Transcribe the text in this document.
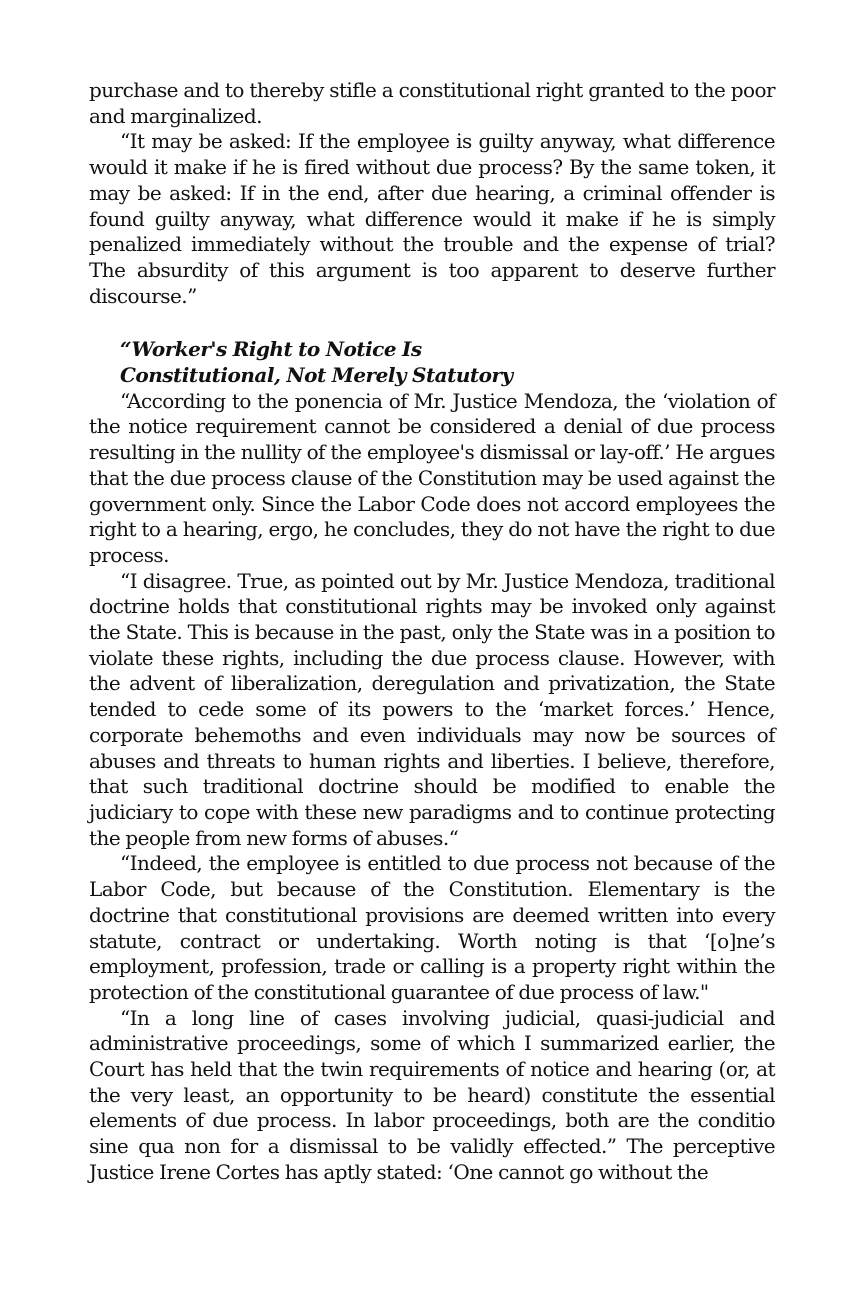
purchase and to thereby stifle a constitutional right granted to the poor and marginalized.

“It may be asked: If the employee is guilty anyway, what difference would it make if he is fired without due process? By the same token, it may be asked: If in the end, after due hearing, a criminal offender is found guilty anyway, what difference would it make if he is simply penalized immediately without the trouble and the expense of trial? The absurdity of this argument is too apparent to deserve further discourse.”

“Worker's Right to Notice Is
Constitutional, Not Merely Statutory

“According to the ponencia of Mr. Justice Mendoza, the ‘violation of the notice requirement cannot be considered a denial of due process resulting in the nullity of the employee's dismissal or lay-off.’ He argues that the due process clause of the Constitution may be used against the government only. Since the Labor Code does not accord employees the right to a hearing, ergo, he concludes, they do not have the right to due process.

“I disagree. True, as pointed out by Mr. Justice Mendoza, traditional doctrine holds that constitutional rights may be invoked only against the State. This is because in the past, only the State was in a position to violate these rights, including the due process clause. However, with the advent of liberalization, deregulation and privatization, the State tended to cede some of its powers to the ‘market forces.’ Hence, corporate behemoths and even individuals may now be sources of abuses and threats to human rights and liberties. I believe, therefore, that such traditional doctrine should be modified to enable the judiciary to cope with these new paradigms and to continue protecting the people from new forms of abuses.“

“Indeed, the employee is entitled to due process not because of the Labor Code, but because of the Constitution. Elementary is the doctrine that constitutional provisions are deemed written into every statute, contract or undertaking. Worth noting is that ‘[o]ne’s employment, profession, trade or calling is a property right within the protection of the constitutional guarantee of due process of law."

“In a long line of cases involving judicial, quasi-judicial and administrative proceedings, some of which I summarized earlier, the Court has held that the twin requirements of notice and hearing (or, at the very least, an opportunity to be heard) constitute the essential elements of due process. In labor proceedings, both are the conditio sine qua non for a dismissal to be validly effected.” The perceptive Justice Irene Cortes has aptly stated: ‘One cannot go without the
